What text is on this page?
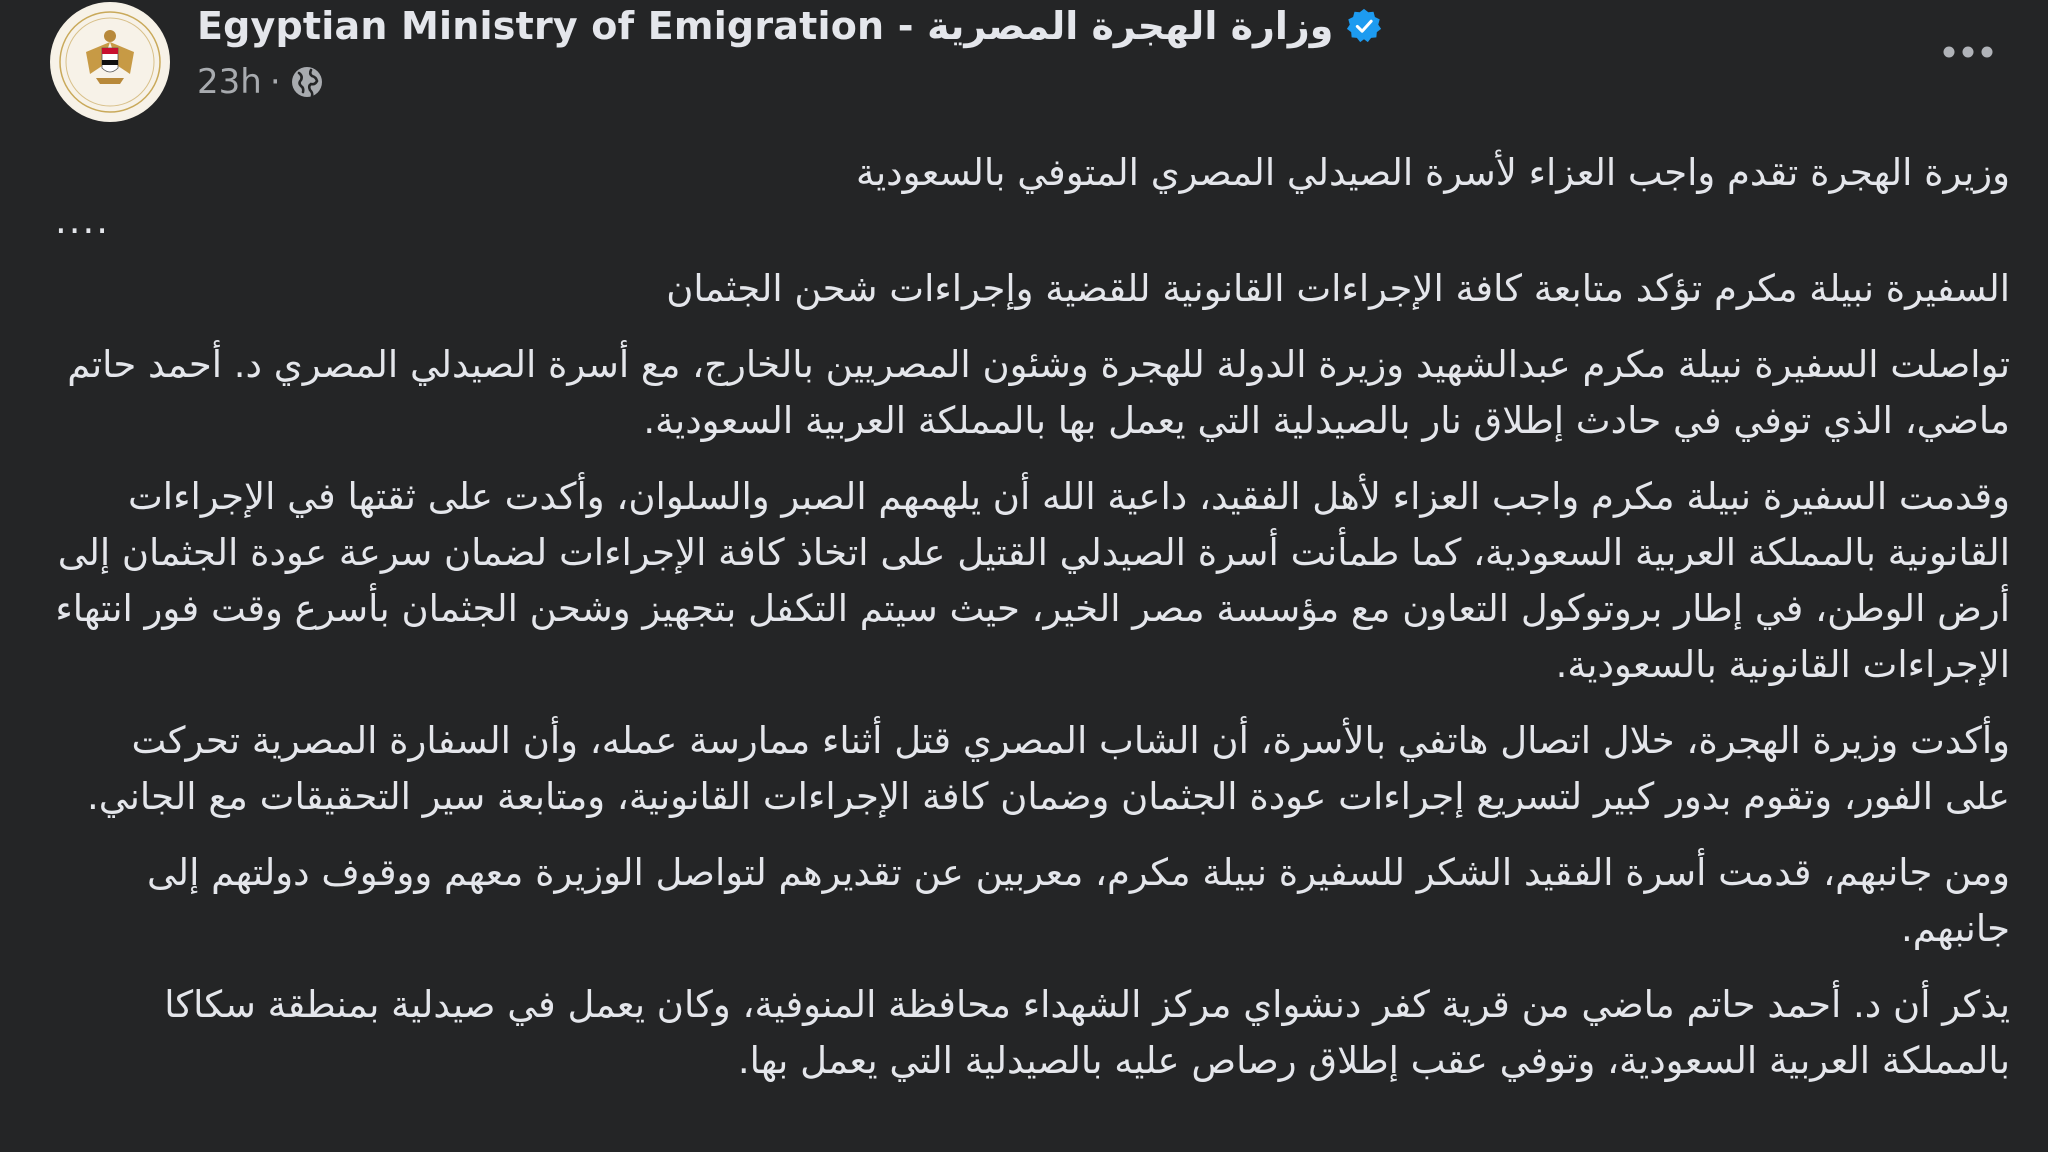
Egyptian Ministry of Emigration - وزارة الهجرة المصرية
23h ·

وزيرة الهجرة تقدم واجب العزاء لأسرة الصيدلي المصري المتوفي بالسعودية

....

السفيرة نبيلة مكرم تؤكد متابعة كافة الإجراءات القانونية للقضية وإجراءات شحن الجثمان

تواصلت السفيرة نبيلة مكرم عبدالشهيد وزيرة الدولة للهجرة وشئون المصريين بالخارج، مع أسرة الصيدلي المصري د. أحمد حاتم ماضي، الذي توفي في حادث إطلاق نار بالصيدلية التي يعمل بها بالمملكة العربية السعودية.

وقدمت السفيرة نبيلة مكرم واجب العزاء لأهل الفقيد، داعية الله أن يلهمهم الصبر والسلوان، وأكدت على ثقتها في الإجراءات القانونية بالمملكة العربية السعودية، كما طمأنت أسرة الصيدلي القتيل على اتخاذ كافة الإجراءات لضمان سرعة عودة الجثمان إلى أرض الوطن، في إطار بروتوكول التعاون مع مؤسسة مصر الخير، حيث سيتم التكفل بتجهيز وشحن الجثمان بأسرع وقت فور انتهاء الإجراءات القانونية بالسعودية.

وأكدت وزيرة الهجرة، خلال اتصال هاتفي بالأسرة، أن الشاب المصري قتل أثناء ممارسة عمله، وأن السفارة المصرية تحركت على الفور، وتقوم بدور كبير لتسريع إجراءات عودة الجثمان وضمان كافة الإجراءات القانونية، ومتابعة سير التحقيقات مع الجاني.

ومن جانبهم، قدمت أسرة الفقيد الشكر للسفيرة نبيلة مكرم، معربين عن تقديرهم لتواصل الوزيرة معهم ووقوف دولتهم إلى جانبهم.

يذكر أن د. أحمد حاتم ماضي من قرية كفر دنشواي مركز الشهداء محافظة المنوفية، وكان يعمل في صيدلية بمنطقة سكاكا بالمملكة العربية السعودية، وتوفي عقب إطلاق رصاص عليه بالصيدلية التي يعمل بها.
